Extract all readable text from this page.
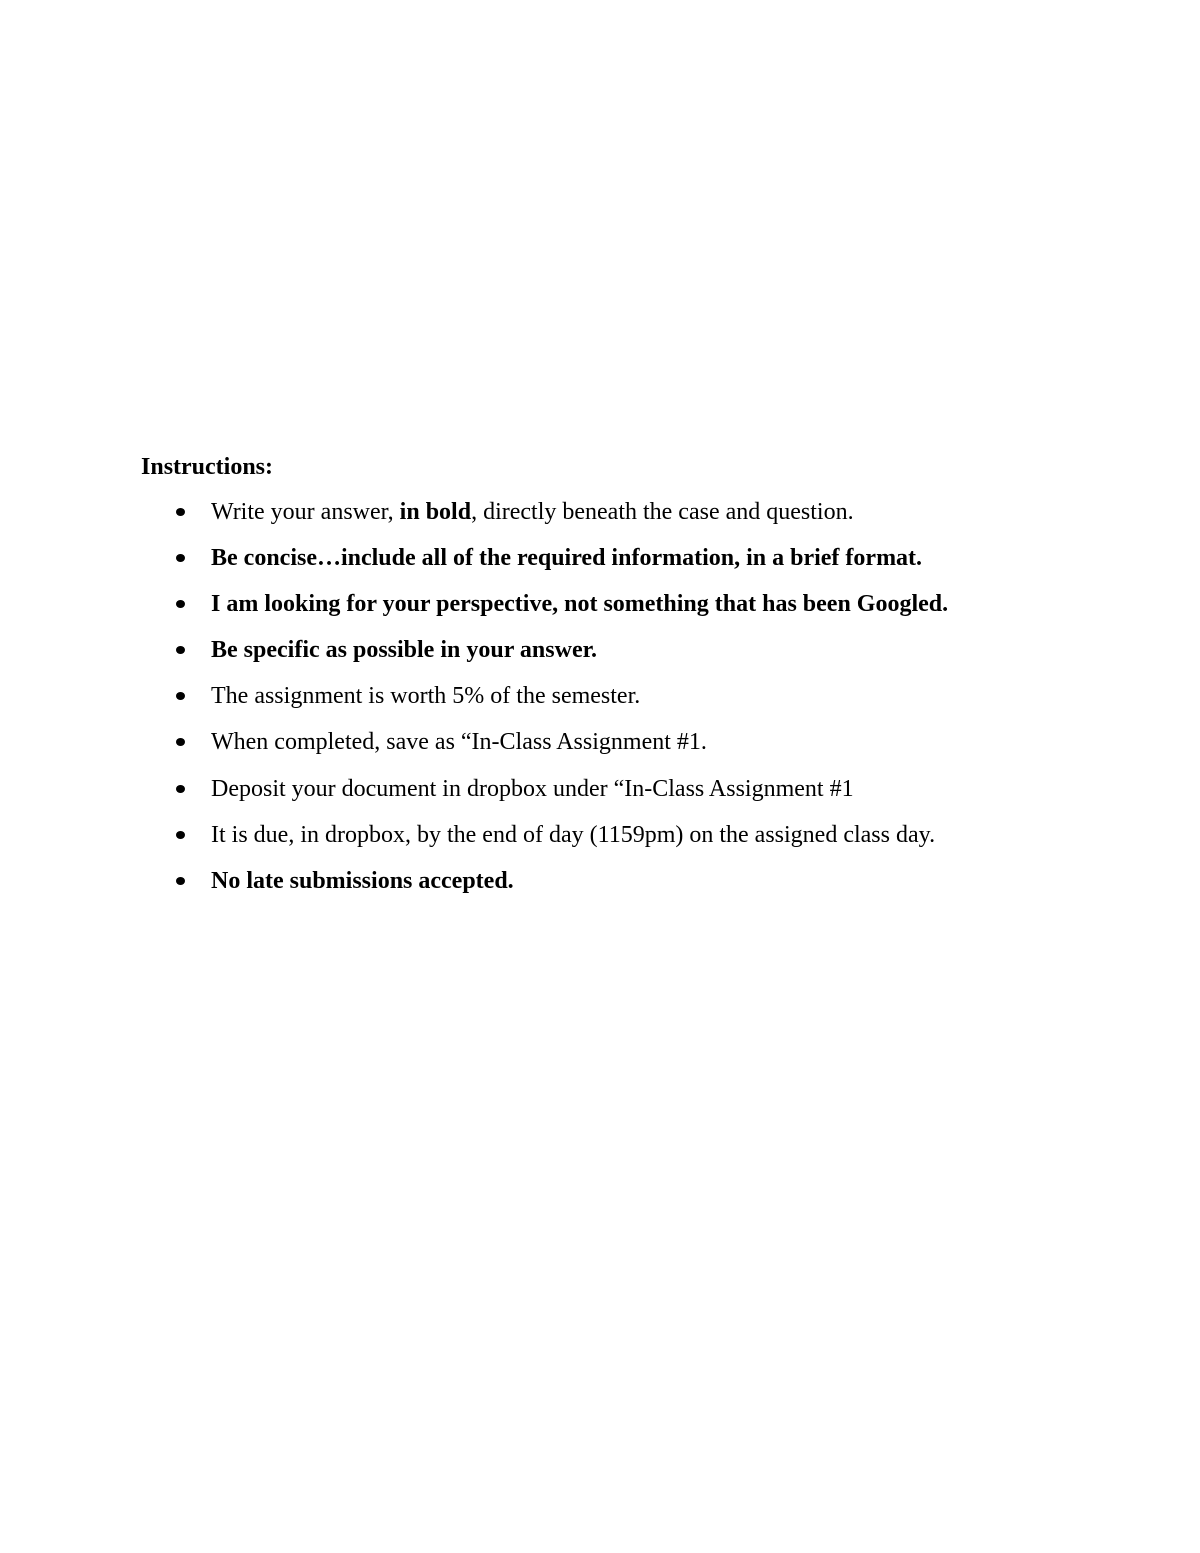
Instructions:

Write your answer, in bold, directly beneath the case and question.
Be concise…include all of the required information, in a brief format.
I am looking for your perspective, not something that has been Googled.
Be specific as possible in your answer.
The assignment is worth 5% of the semester.
When completed, save as “In-Class Assignment #1.
Deposit your document in dropbox under “In-Class Assignment #1
It is due, in dropbox, by the end of day (1159pm) on the assigned class day.
No late submissions accepted.
